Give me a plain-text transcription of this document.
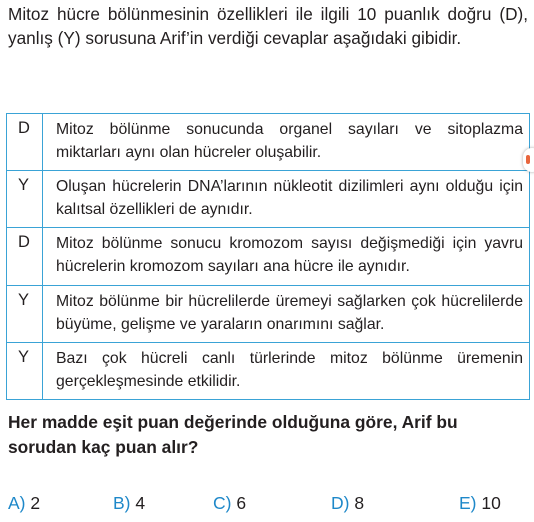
Mitoz hücre bölünmesinin özellikleri ile ilgili 10 puanlık doğru (D), yanlış (Y) sorusuna Arif’in verdiği cevaplar aşağıdaki gibidir.

D	Mitoz bölünme sonucunda organel sayıları ve sitoplazma miktarları aynı olan hücreler oluşabilir.
Y	Oluşan hücrelerin DNA’larının nükleotit dizilimleri aynı olduğu için kalıtsal özellikleri de aynıdır.
D	Mitoz bölünme sonucu kromozom sayısı değişmediği için yavru hücrelerin kromozom sayıları ana hücre ile aynıdır.
Y	Mitoz bölünme bir hücrelilerde üremeyi sağlarken çok hücrelilerde büyüme, gelişme ve yaraların onarımını sağlar.
Y	Bazı çok hücreli canlı türlerinde mitoz bölünme üremenin gerçekleşmesinde etkilidir.

Her madde eşit puan değerinde olduğuna göre, Arif bu sorudan kaç puan alır?

A) 2	B) 4	C) 6	D) 8	E) 10
